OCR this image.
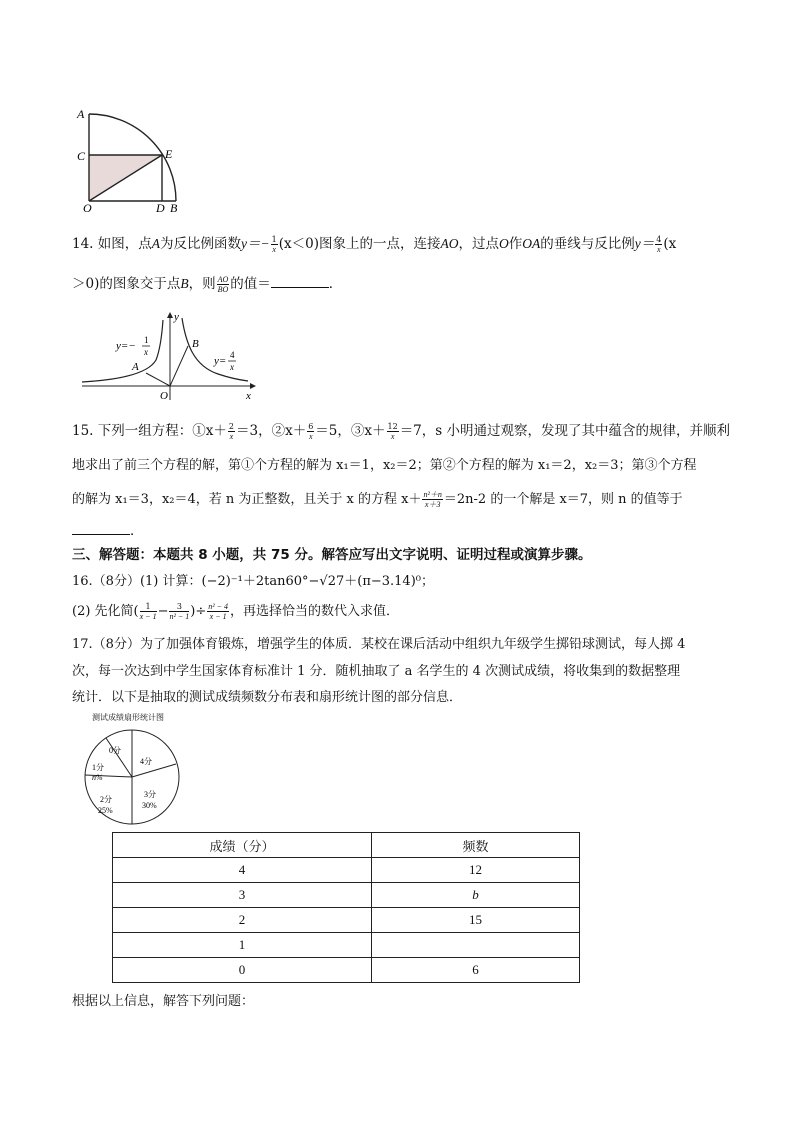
A
C	E
O	D B
14. 如图，点A为反比例函数$y=- \frac{1}{x} (x<0)$图象上的一点，连接AO，过点O作OA的垂线与反比例$y= \frac{4}{x} (x$
＞0)的图象交于点B，则 $\frac{AO}{BO}$ 的值＝	．
y
x
O
A
B
y=− 1
x
y= 4
x
15. 下列一组方程：①x＋ $\frac{2}{x} =3$，②x＋ $\frac{6}{x} =5$，③x＋ $\frac{12}{x} =7$，s 小明通过观察，发现了其中蕴含的规律，并顺利
地求出了前三个方程的解，第①个方程的解为 x₁＝1，x₂＝2；第②个方程的解为 x₁＝2，x₂＝3；第③个方程
的解为 x₁＝3，x₂＝4，若 n 为正整数，且关于 x 的方程 $x+ \frac{\text{n²＋n}}{x+3} =2n-2$ 的一个解是 x＝7，则 n 的值等于
．
三、解答题：本题共 8 小题，共 75 分。解答应写出文字说明、证明过程或演算步骤。
16.（8分）(1) 计算：(−2)⁻¹＋2tan60°−√27＋(π−3.14)⁰；
(2) 先化简( $\frac{1}{x - 1} - \frac{3}{\text{n² − 1}}$ )÷ $\frac{\text{n² − 4}}{x - 1}$ ，再选择恰当的数代入求值．
17.（8分）为了加强体育锻炼，增强学生的体质．某校在课后活动中组织九年级学生掷铅球测试，每人掷 4
次，每一次达到中学生国家体育标准计 1 分．随机抽取了 a 名学生的 4 次测试成绩，将收集到的数据整理
统计．以下是抽取的测试成绩频数分布表和扇形统计图的部分信息．
测试成绩扇形统计图
0分
4分
1分
n%
2分
25%
3分
30%
成绩（分）	频数
4	12
3	b
2	15
1	
0	6
根据以上信息，解答下列问题：
